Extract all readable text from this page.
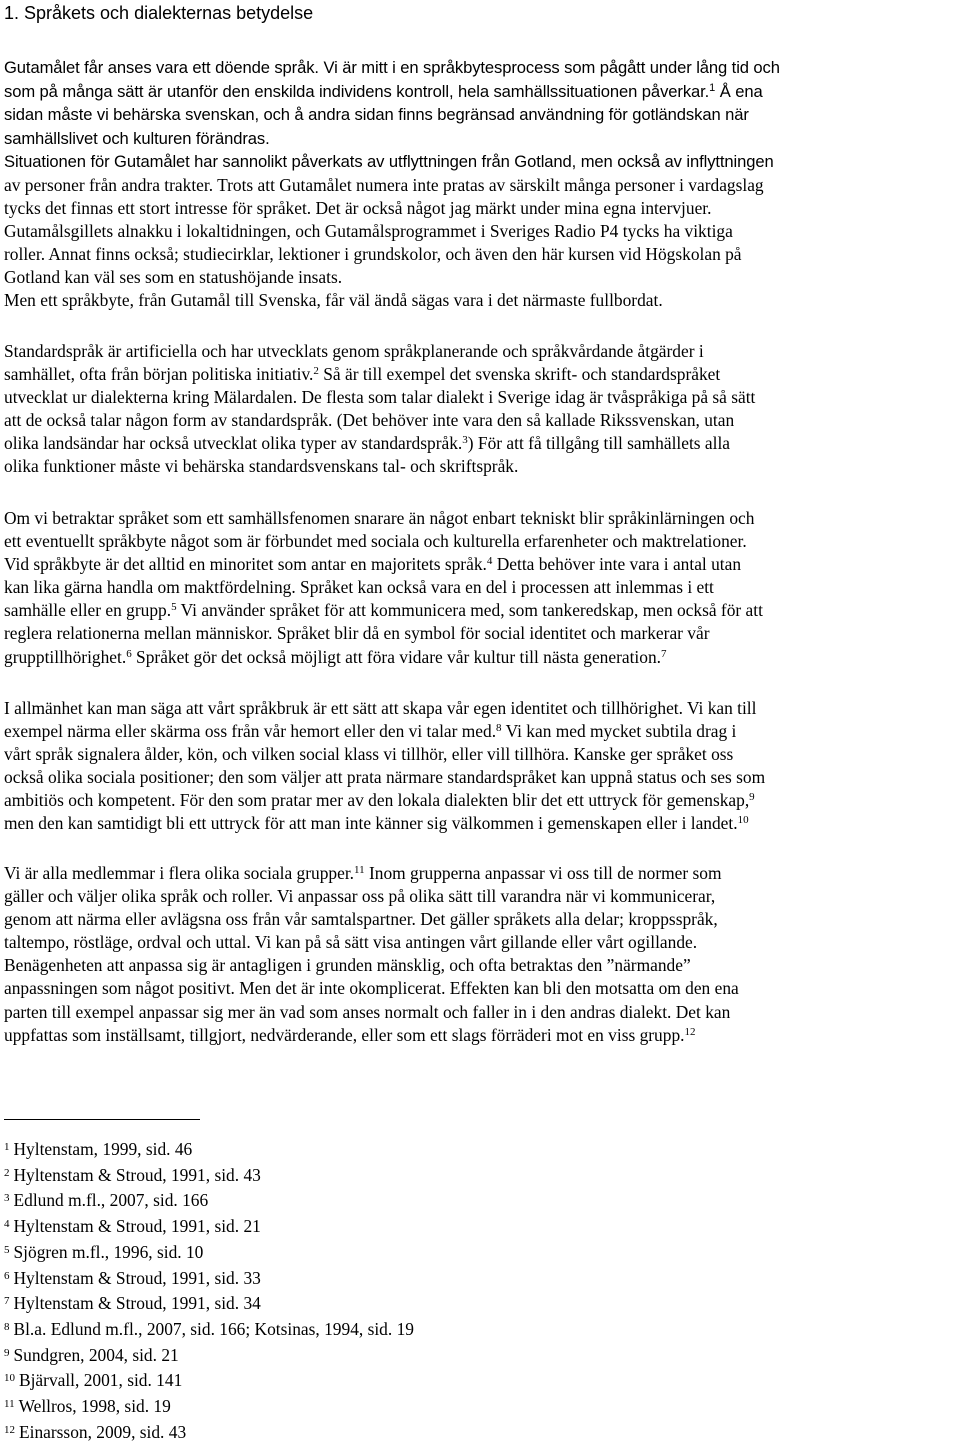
1. Språkets och dialekternas betydelse
Gutamålet får anses vara ett döende språk. Vi är mitt i en språkbytesprocess som pågått under lång tid och
som på många sätt är utanför den enskilda individens kontroll, hela samhällssituationen påverkar.$^1$ Å ena
sidan måste vi behärska svenskan, och å andra sidan finns begränsad användning för gotländskan när
samhällslivet och kulturen förändras.
Situationen för Gutamålet har sannolikt påverkats av utflyttningen från Gotland, men också av inflyttningen
av personer från andra trakter. Trots att Gutamålet numera inte pratas av särskilt många personer i vardagslag
tycks det finnas ett stort intresse för språket. Det är också något jag märkt under mina egna intervjuer.
Gutamålsgillets alnakku i lokaltidningen, och Gutamålsprogrammet i Sveriges Radio P4 tycks ha viktiga
roller. Annat finns också; studiecirklar, lektioner i grundskolor, och även den här kursen vid Högskolan på
Gotland kan väl ses som en statushöjande insats.
Men ett språkbyte, från Gutamål till Svenska, får väl ändå sägas vara i det närmaste fullbordat.
Standardspråk är artificiella och har utvecklats genom språkplanerande och språkvårdande åtgärder i
samhället, ofta från början politiska initiativ.$^2$ Så är till exempel det svenska skrift- och standardspråket
utvecklat ur dialekterna kring Mälardalen. De flesta som talar dialekt i Sverige idag är tvåspråkiga på så sätt
att de också talar någon form av standardspråk. (Det behöver inte vara den så kallade Rikssvenskan, utan
olika landsändar har också utvecklat olika typer av standardspråk.$^3$) För att få tillgång till samhällets alla
olika funktioner måste vi behärska standardsvenskans tal- och skriftspråk.
Om vi betraktar språket som ett samhällsfenomen snarare än något enbart tekniskt blir språkinlärningen och
ett eventuellt språkbyte något som är förbundet med sociala och kulturella erfarenheter och maktrelationer.
Vid språkbyte är det alltid en minoritet som antar en majoritets språk.$^4$ Detta behöver inte vara i antal utan
kan lika gärna handla om maktfördelning. Språket kan också vara en del i processen att inlemmas i ett
samhälle eller en grupp.$^5$ Vi använder språket för att kommunicera med, som tankeredskap, men också för att
reglera relationerna mellan människor. Språket blir då en symbol för social identitet och markerar vår
grupptillhörighet.$^6$ Språket gör det också möjligt att föra vidare vår kultur till nästa generation.$^7$
I allmänhet kan man säga att vårt språkbruk är ett sätt att skapa vår egen identitet och tillhörighet. Vi kan till
exempel närma eller skärma oss från vår hemort eller den vi talar med.$^8$ Vi kan med mycket subtila drag i
vårt språk signalera ålder, kön, och vilken social klass vi tillhör, eller vill tillhöra. Kanske ger språket oss
också olika sociala positioner; den som väljer att prata närmare standardspråket kan uppnå status och ses som
ambitiös och kompetent. För den som pratar mer av den lokala dialekten blir det ett uttryck för gemenskap,$^9$
men den kan samtidigt bli ett uttryck för att man inte känner sig välkommen i gemenskapen eller i landet.$^{10}$
Vi är alla medlemmar i flera olika sociala grupper.$^{11}$ Inom grupperna anpassar vi oss till de normer som
gäller och väljer olika språk och roller. Vi anpassar oss på olika sätt till varandra när vi kommunicerar,
genom att närma eller avlägsna oss från vår samtalspartner. Det gäller språkets alla delar; kroppsspråk,
taltempo, röstläge, ordval och uttal. Vi kan på så sätt visa antingen vårt gillande eller vårt ogillande.
Benägenheten att anpassa sig är antagligen i grunden mänsklig, och ofta betraktas den ”närmande”
anpassningen som något positivt. Men det är inte okomplicerat. Effekten kan bli den motsatta om den ena
parten till exempel anpassar sig mer än vad som anses normalt och faller in i den andras dialekt. Det kan
uppfattas som inställsamt, tillgjort, nedvärderande, eller som ett slags förräderi mot en viss grupp.$^{12}$
$^1$ Hyltenstam, 1999, sid. 46
$^2$ Hyltenstam & Stroud, 1991, sid. 43
$^3$ Edlund m.fl., 2007, sid. 166
$^4$ Hyltenstam & Stroud, 1991, sid. 21
$^5$ Sjögren m.fl., 1996, sid. 10
$^6$ Hyltenstam & Stroud, 1991, sid. 33
$^7$ Hyltenstam & Stroud, 1991, sid. 34
$^8$ Bl.a. Edlund m.fl., 2007, sid. 166; Kotsinas, 1994, sid. 19
$^9$ Sundgren, 2004, sid. 21
$^{10}$ Bjärvall, 2001, sid. 141
$^{11}$ Wellros, 1998, sid. 19
$^{12}$ Einarsson, 2009, sid. 43
